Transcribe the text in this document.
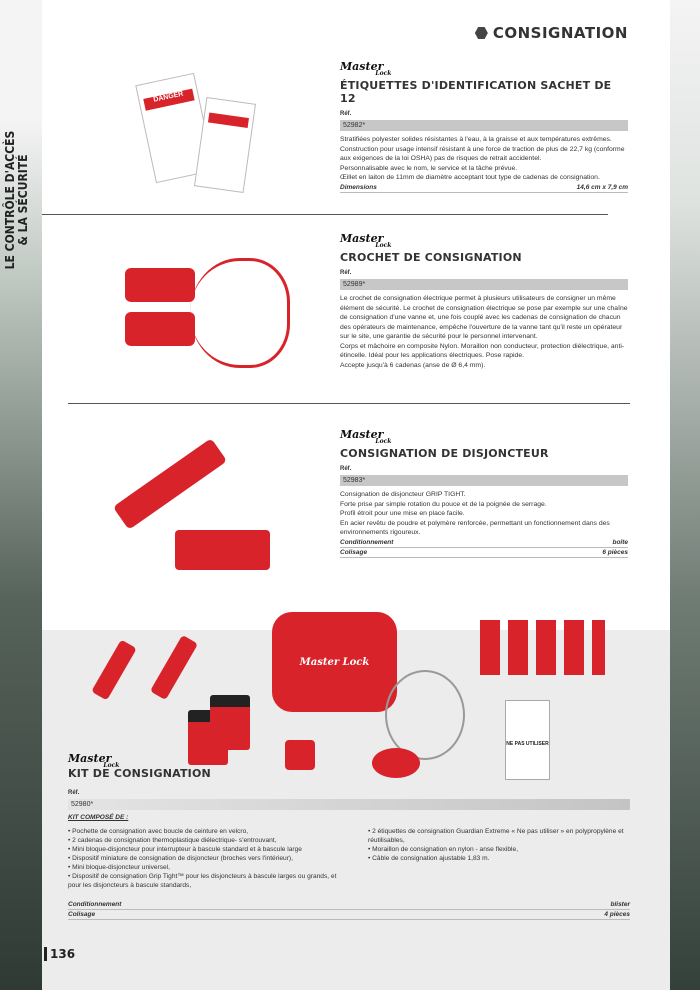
LE CONTRÔLE D'ACCÈS & LA SÉCURITÉ
CONSIGNATION
DANGER
MasterLock
ÉTIQUETTES D'IDENTIFICATION SACHET DE 12
Réf.
52982*
Stratifiées polyester solides résistantes à l'eau, à la graisse et aux températures extrêmes.
Construction pour usage intensif résistant à une force de traction de plus de 22,7 kg (conforme aux exigences de la loi OSHA) pas de risques de retrait accidentel.
Personnalisable avec le nom, le service et la tâche prévue.
Œillet en laiton de 11mm de diamètre acceptant tout type de cadenas de consignation.
Dimensions	14,6 cm x 7,9 cm
MasterLock
CROCHET DE CONSIGNATION
Réf.
52989*
Le crochet de consignation électrique permet à plusieurs utilisateurs de consigner un même élément de sécurité. Le crochet de consignation électrique se pose par exemple sur une chaîne de consignation d'une vanne et, une fois couplé avec les cadenas de consignation de chacun des opérateurs de maintenance, empêche l'ouverture de la vanne tant qu'il reste un opérateur sur le site, une garantie de sécurité pour le personnel intervenant.
Corps et mâchoire en composite Nylon. Moraillon non conducteur, protection diélectrique, anti-étincelle. Idéal pour les applications électriques. Pose rapide.
Accepte jusqu'à 6 cadenas (anse de Ø 6,4 mm).
MasterLock
CONSIGNATION DE DISJONCTEUR
Réf.
52983*
Consignation de disjoncteur GRIP TIGHT.
Forte prise par simple rotation du pouce et de la poignée de serrage.
Profil étroit pour une mise en place facile.
En acier revêtu de poudre et polymère renforcée, permettant un fonctionnement dans des environnements rigoureux.
Conditionnement	boîte
Colisage	6 pièces
Master Lock
NE PAS UTILISER
MasterLock
KIT DE CONSIGNATION
Réf.
52980*
KIT COMPOSÉ DE :
• Pochette de consignation avec boucle de ceinture en velcro,
• 2 cadenas de consignation thermoplastique diélectrique- s'entrouvant,
• Mini bloque-disjoncteur pour interrupteur à bascule standard et à bascule large
• Dispositif miniature de consignation de disjoncteur (broches vers l'intérieur),
• Mini bloque-disjoncteur universel,
• Dispositif de consignation Grip Tight™ pour les disjoncteurs à bascule larges ou grands, et pour les disjoncteurs à bascule standards,
• 2 étiquettes de consignation Guardian Extreme « Ne pas utiliser » en polypropylène et réutilisables,
• Moraillon de consignation en nylon - anse flexible,
• Câble de consignation ajustable 1,83 m.
Conditionnement	blister
Colisage	4 pièces
136
